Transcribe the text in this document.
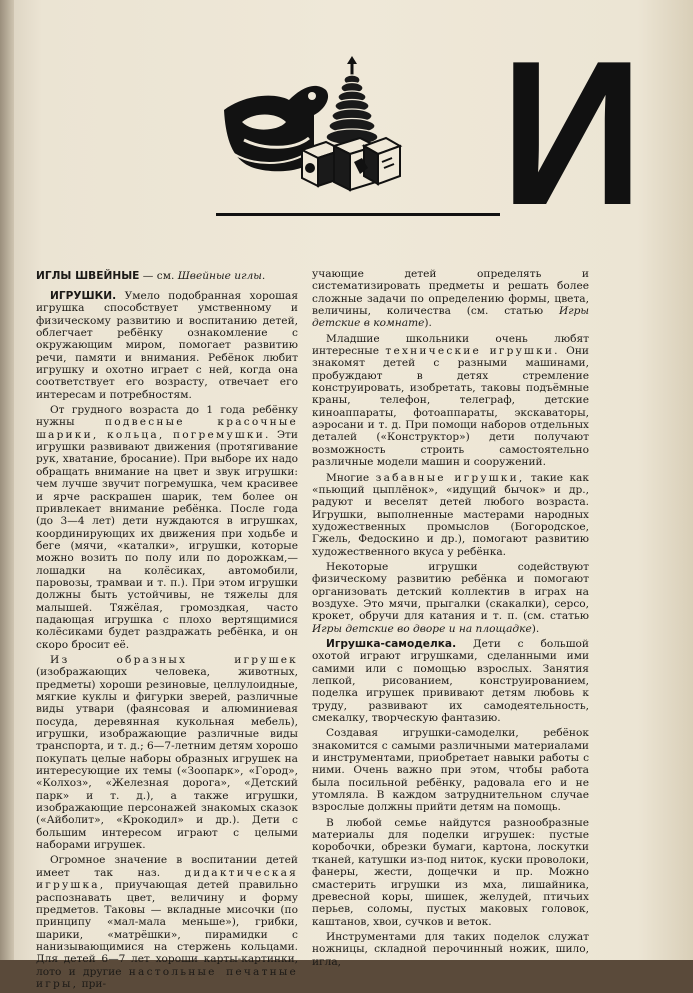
И
ИГЛЫ ШВЕЙНЫЕ — см. Швейные иглы.

ИГРУШКИ. Умело подобранная хорошая игрушка способствует умственному и физическому развитию и воспитанию детей, облегчает ребёнку ознакомление с окружающим миром, помогает развитию речи, памяти и внимания. Ребёнок любит игрушку и охотно играет с ней, когда она соответствует его возрасту, отвечает его интересам и потребностям.

От грудного возраста до 1 года ребёнку нужны подвесные красочные шарики, кольца, погремушки. Эти игрушки развивают движения (протягивание рук, хватание, бросание). При выборе их надо обращать внимание на цвет и звук игрушки: чем лучше звучит погремушка, чем красивее и ярче раскрашен шарик, тем более он привлекает внимание ребёнка. После года (до 3—4 лет) дети нуждаются в игрушках, координирующих их движения при ходьбе и беге (мячи, «каталки», игрушки, которые можно возить по полу или по дорожкам,— лошадки на колёсиках, автомобили, паровозы, трамваи и т. п.). При этом игрушки должны быть устойчивы, не тяжелы для малышей. Тяжёлая, громоздкая, часто падающая игрушка с плохо вертящимися колёсиками будет раздражать ребёнка, и он скоро бросит её.

Из образных игрушек (изображающих человека, животных, предметы) хороши резиновые, целлулоидные, мягкие куклы и фигурки зверей, различные виды утвари (фаянсовая и алюминиевая посуда, деревянная кукольная мебель), игрушки, изображающие различные виды транспорта, и т. д.; 6—7-летним детям хорошо покупать целые наборы образных игрушек на интересующие их темы («Зоопарк», «Город», «Колхоз», «Железная дорога», «Детский парк» и т. д.), а также игрушки, изображающие персонажей знакомых сказок («Айболит», «Крокодил» и др.). Дети с большим интересом играют с целыми наборами игрушек.

Огромное значение в воспитании детей имеет так наз. дидактическая игрушка, приучающая детей правильно распознавать цвет, величину и форму предметов. Таковы — вкладные мисочки (по принципу «мал-мала меньше»), грибки, шарики, «матрёшки», пирамидки с нанизывающимися на стержень кольцами. Для детей 6—7 лет хороши карты-картинки, лото и другие настольные печатные игры, при-

учающие детей определять и систематизировать предметы и решать более сложные задачи по определению формы, цвета, величины, количества (см. статью Игры детские в комнате).

Младшие школьники очень любят интересные технические игрушки. Они знакомят детей с разными машинами, пробуждают в детях стремление конструировать, изобретать, таковы подъёмные краны, телефон, телеграф, детские киноаппараты, фотоаппараты, экскаваторы, аэросани и т. д. При помощи наборов отдельных деталей («Конструктор») дети получают возможность строить самостоятельно различные модели машин и сооружений.

Многие забавные игрушки, такие как «пьющий цыплёнок», «идущий бычок» и др., радуют и веселят детей любого возраста. Игрушки, выполненные мастерами народных художественных промыслов (Богородское, Гжель, Федоскино и др.), помогают развитию художественного вкуса у ребёнка.

Некоторые игрушки содействуют физическому развитию ребёнка и помогают организовать детский коллектив в играх на воздухе. Это мячи, прыгалки (скакалки), серсо, крокет, обручи для катания и т. п. (см. статью Игры детские во дворе и на площадке).

Игрушка-самоделка. Дети с большой охотой играют игрушками, сделанными ими самими или с помощью взрослых. Занятия лепкой, рисованием, конструированием, поделка игрушек прививают детям любовь к труду, развивают их самодеятельность, смекалку, творческую фантазию.

Создавая игрушки-самоделки, ребёнок знакомится с самыми различными материалами и инструментами, приобретает навыки работы с ними. Очень важно при этом, чтобы работа была посильной ребёнку, радовала его и не утомляла. В каждом затруднительном случае взрослые должны прийти детям на помощь.

В любой семье найдутся разнообразные материалы для поделки игрушек: пустые коробочки, обрезки бумаги, картона, лоскутки тканей, катушки из-под ниток, куски проволоки, фанеры, жести, дощечки и пр. Можно смастерить игрушки из мха, лишайника, древесной коры, шишек, желудей, птичьих перьев, соломы, пустых маковых головок, каштанов, хвои, сучков и веток.

Инструментами для таких поделок служат ножницы, складной перочинный ножик, шило, игла,
